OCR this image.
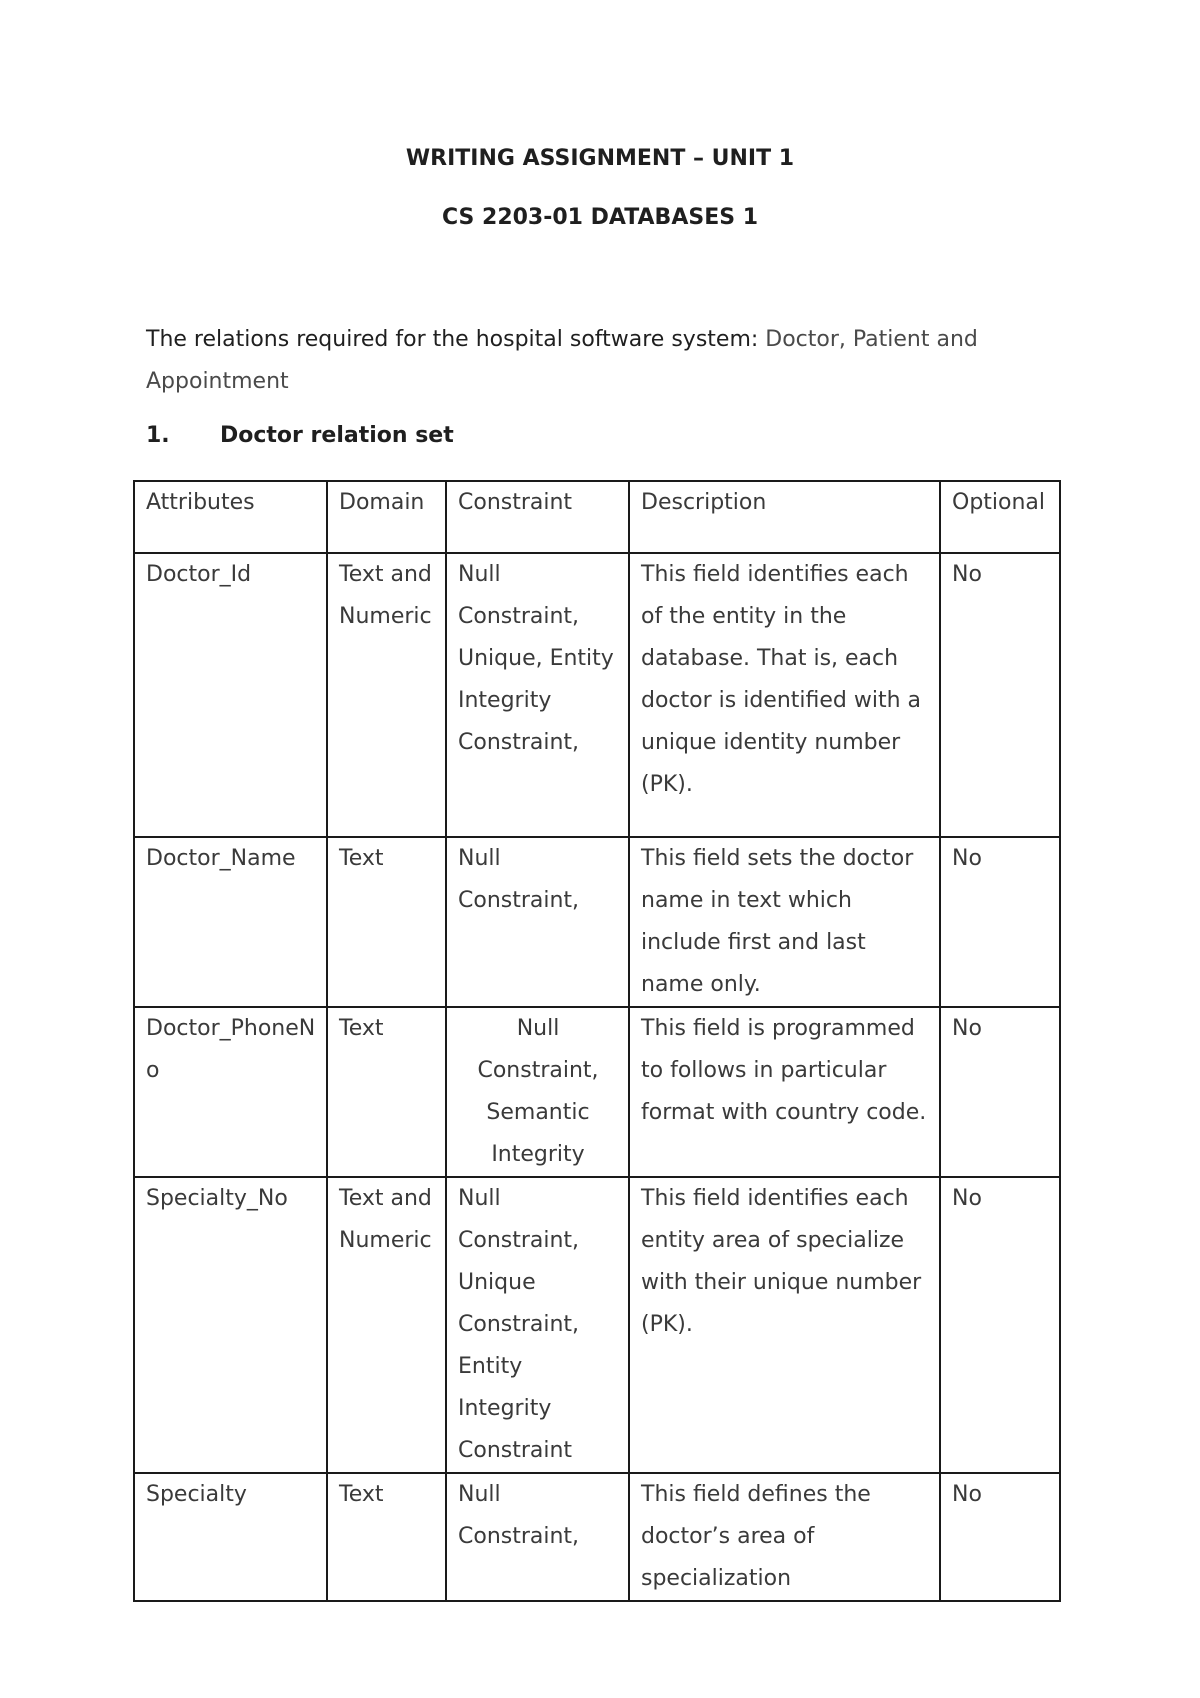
WRITING ASSIGNMENT – UNIT 1
CS 2203-01 DATABASES 1
The relations required for the hospital software system: Doctor, Patient and Appointment
1. Doctor relation set
Attributes	Domain	Constraint	Description	Optional
Doctor_Id	Text and Numeric	Null Constraint, Unique, Entity Integrity Constraint,	This field identifies each of the entity in the database. That is, each doctor is identified with a unique identity number (PK).	No
Doctor_Name	Text	Null Constraint,	This field sets the doctor name in text which include first and last name only.	No
Doctor_PhoneNo	Text	Null Constraint, Semantic Integrity	This field is programmed to follows in particular format with country code.	No
Specialty_No	Text and Numeric	Null Constraint, Unique Constraint, Entity Integrity Constraint	This field identifies each entity area of specialize with their unique number (PK).	No
Specialty	Text	Null Constraint,	This field defines the doctor’s area of specialization	No
